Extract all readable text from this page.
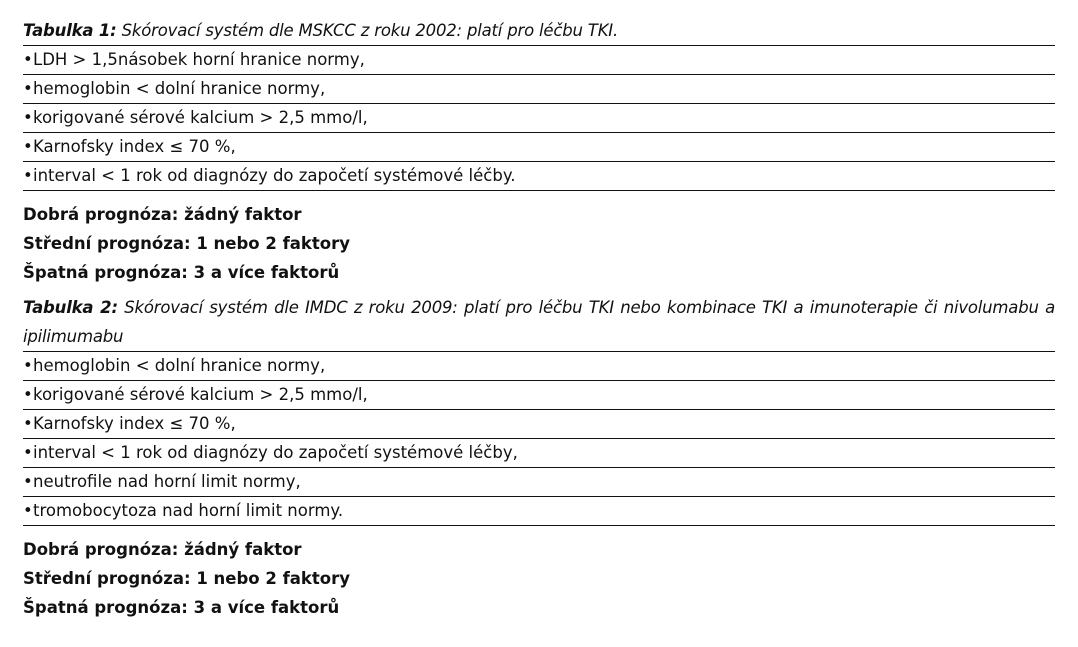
Tabulka 1: Skórovací systém dle MSKCC z roku 2002: platí pro léčbu TKI.
•LDH > 1,5násobek horní hranice normy,
•hemoglobin < dolní hranice normy,
•korigované sérové kalcium > 2,5 mmo/l,
•Karnofsky index ≤ 70 %,
•interval < 1 rok od diagnózy do započetí systémové léčby.
Dobrá prognóza: žádný faktor
Střední prognóza: 1 nebo 2 faktory
Špatná prognóza: 3 a více faktorů
Tabulka 2: Skórovací systém dle IMDC z roku 2009: platí pro léčbu TKI nebo kombinace TKI a imunoterapie či nivolumabu a ipilimumabu
•hemoglobin < dolní hranice normy,
•korigované sérové kalcium > 2,5 mmo/l,
•Karnofsky index ≤ 70 %,
•interval < 1 rok od diagnózy do započetí systémové léčby,
•neutrofile nad horní limit normy,
•tromobocytoza nad horní limit normy.
Dobrá prognóza: žádný faktor
Střední prognóza: 1 nebo 2 faktory
Špatná prognóza: 3 a více faktorů
